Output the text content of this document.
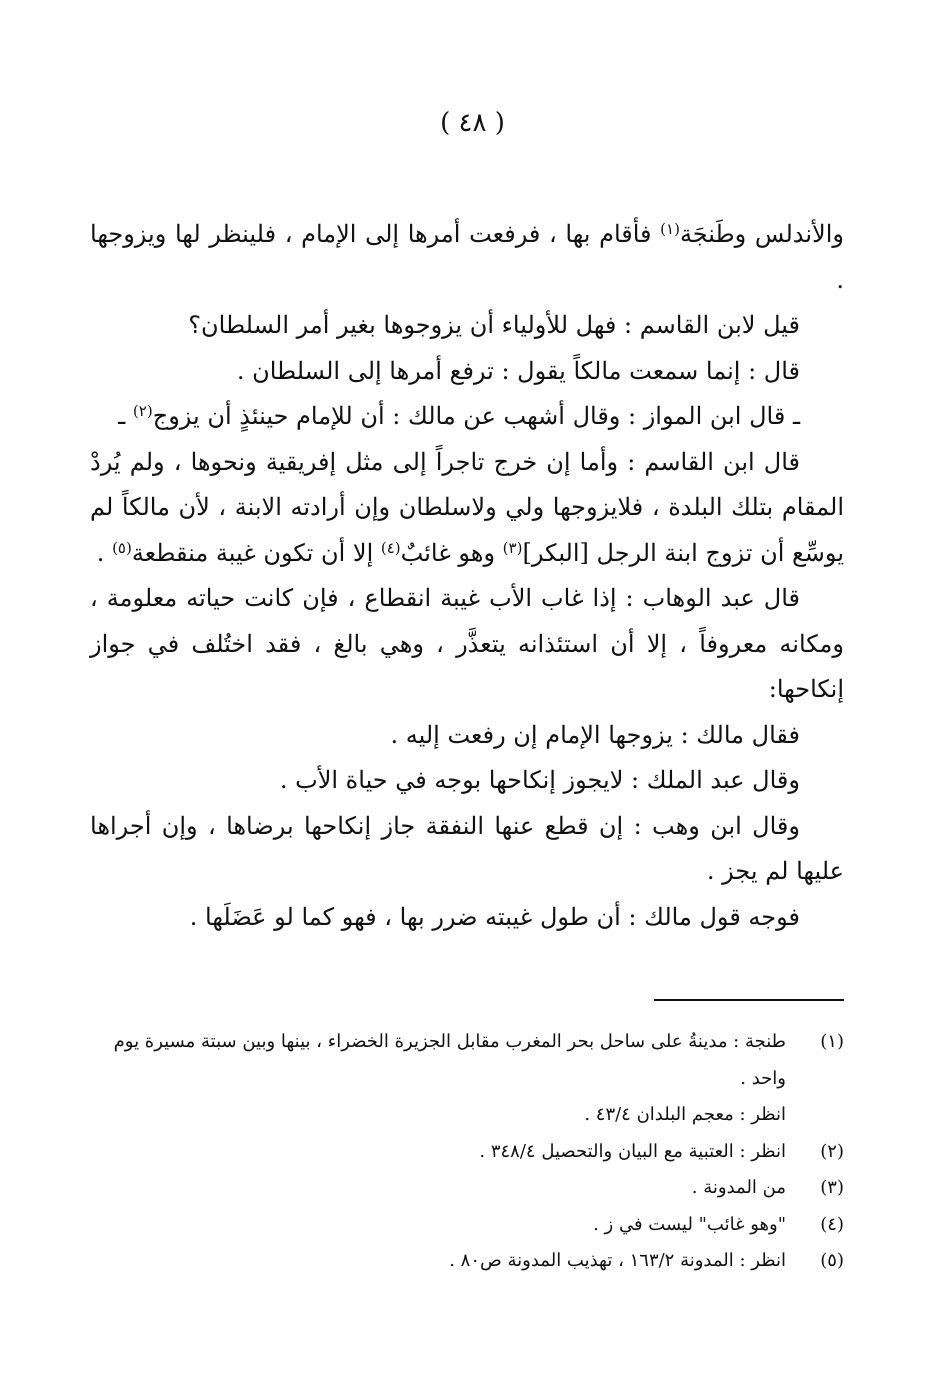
( ٤٨ )

والأندلس وطَنجَة$^{(١)}$ فأقام بها ، فرفعت أمرها إلى الإمام ، فلينظر لها ويزوجها .

قيل لابن القاسم : فهل للأولياء أن يزوجوها بغير أمر السلطان؟

قال : إنما سمعت مالكاً يقول : ترفع أمرها إلى السلطان .

ـ قال ابن المواز : وقال أشهب عن مالك : أن للإمام حينئذٍ أن يزوج$^{(٢)}$ ـ

قال ابن القاسم : وأما إن خرج تاجراً إلى مثل إفريقية ونحوها ، ولم يُردْ المقام بتلك البلدة ، فلايزوجها ولي ولاسلطان وإن أرادته الابنة ، لأن مالكاً لم يوسِّع أن تزوج ابنة الرجل [البكر]$^{(٣)}$ وهو غائبٌ$^{(٤)}$ إلا أن تكون غيبة منقطعة$^{(٥)}$ .

قال عبد الوهاب : إذا غاب الأب غيبة انقطاع ، فإن كانت حياته معلومة ، ومكانه معروفاً ، إلا أن استئذانه يتعذَّر ، وهي بالغ ، فقد اختُلف في جواز إنكاحها:

فقال مالك : يزوجها الإمام إن رفعت إليه .

وقال عبد الملك : لايجوز إنكاحها بوجه في حياة الأب .

وقال ابن وهب : إن قطع عنها النفقة جاز إنكاحها برضاها ، وإن أجراها عليها لم يجز .

فوجه قول مالك : أن طول غيبته ضرر بها ، فهو كما لو عَضَلَها .

(١)
طنجة : مدينةُ على ساحل بحر المغرب مقابل الجزيرة الخضراء ، بينها وبين سبتة مسيرة يوم واحد .
انظر : معجم البلدان ٤٣/٤ .
(٢)
انظر : العتبية مع البيان والتحصيل ٣٤٨/٤ .
(٣)
من المدونة .
(٤)
"وهو غائب" ليست في ز .
(٥)
انظر : المدونة ١٦٣/٢ ، تهذيب المدونة ص٨٠ .
